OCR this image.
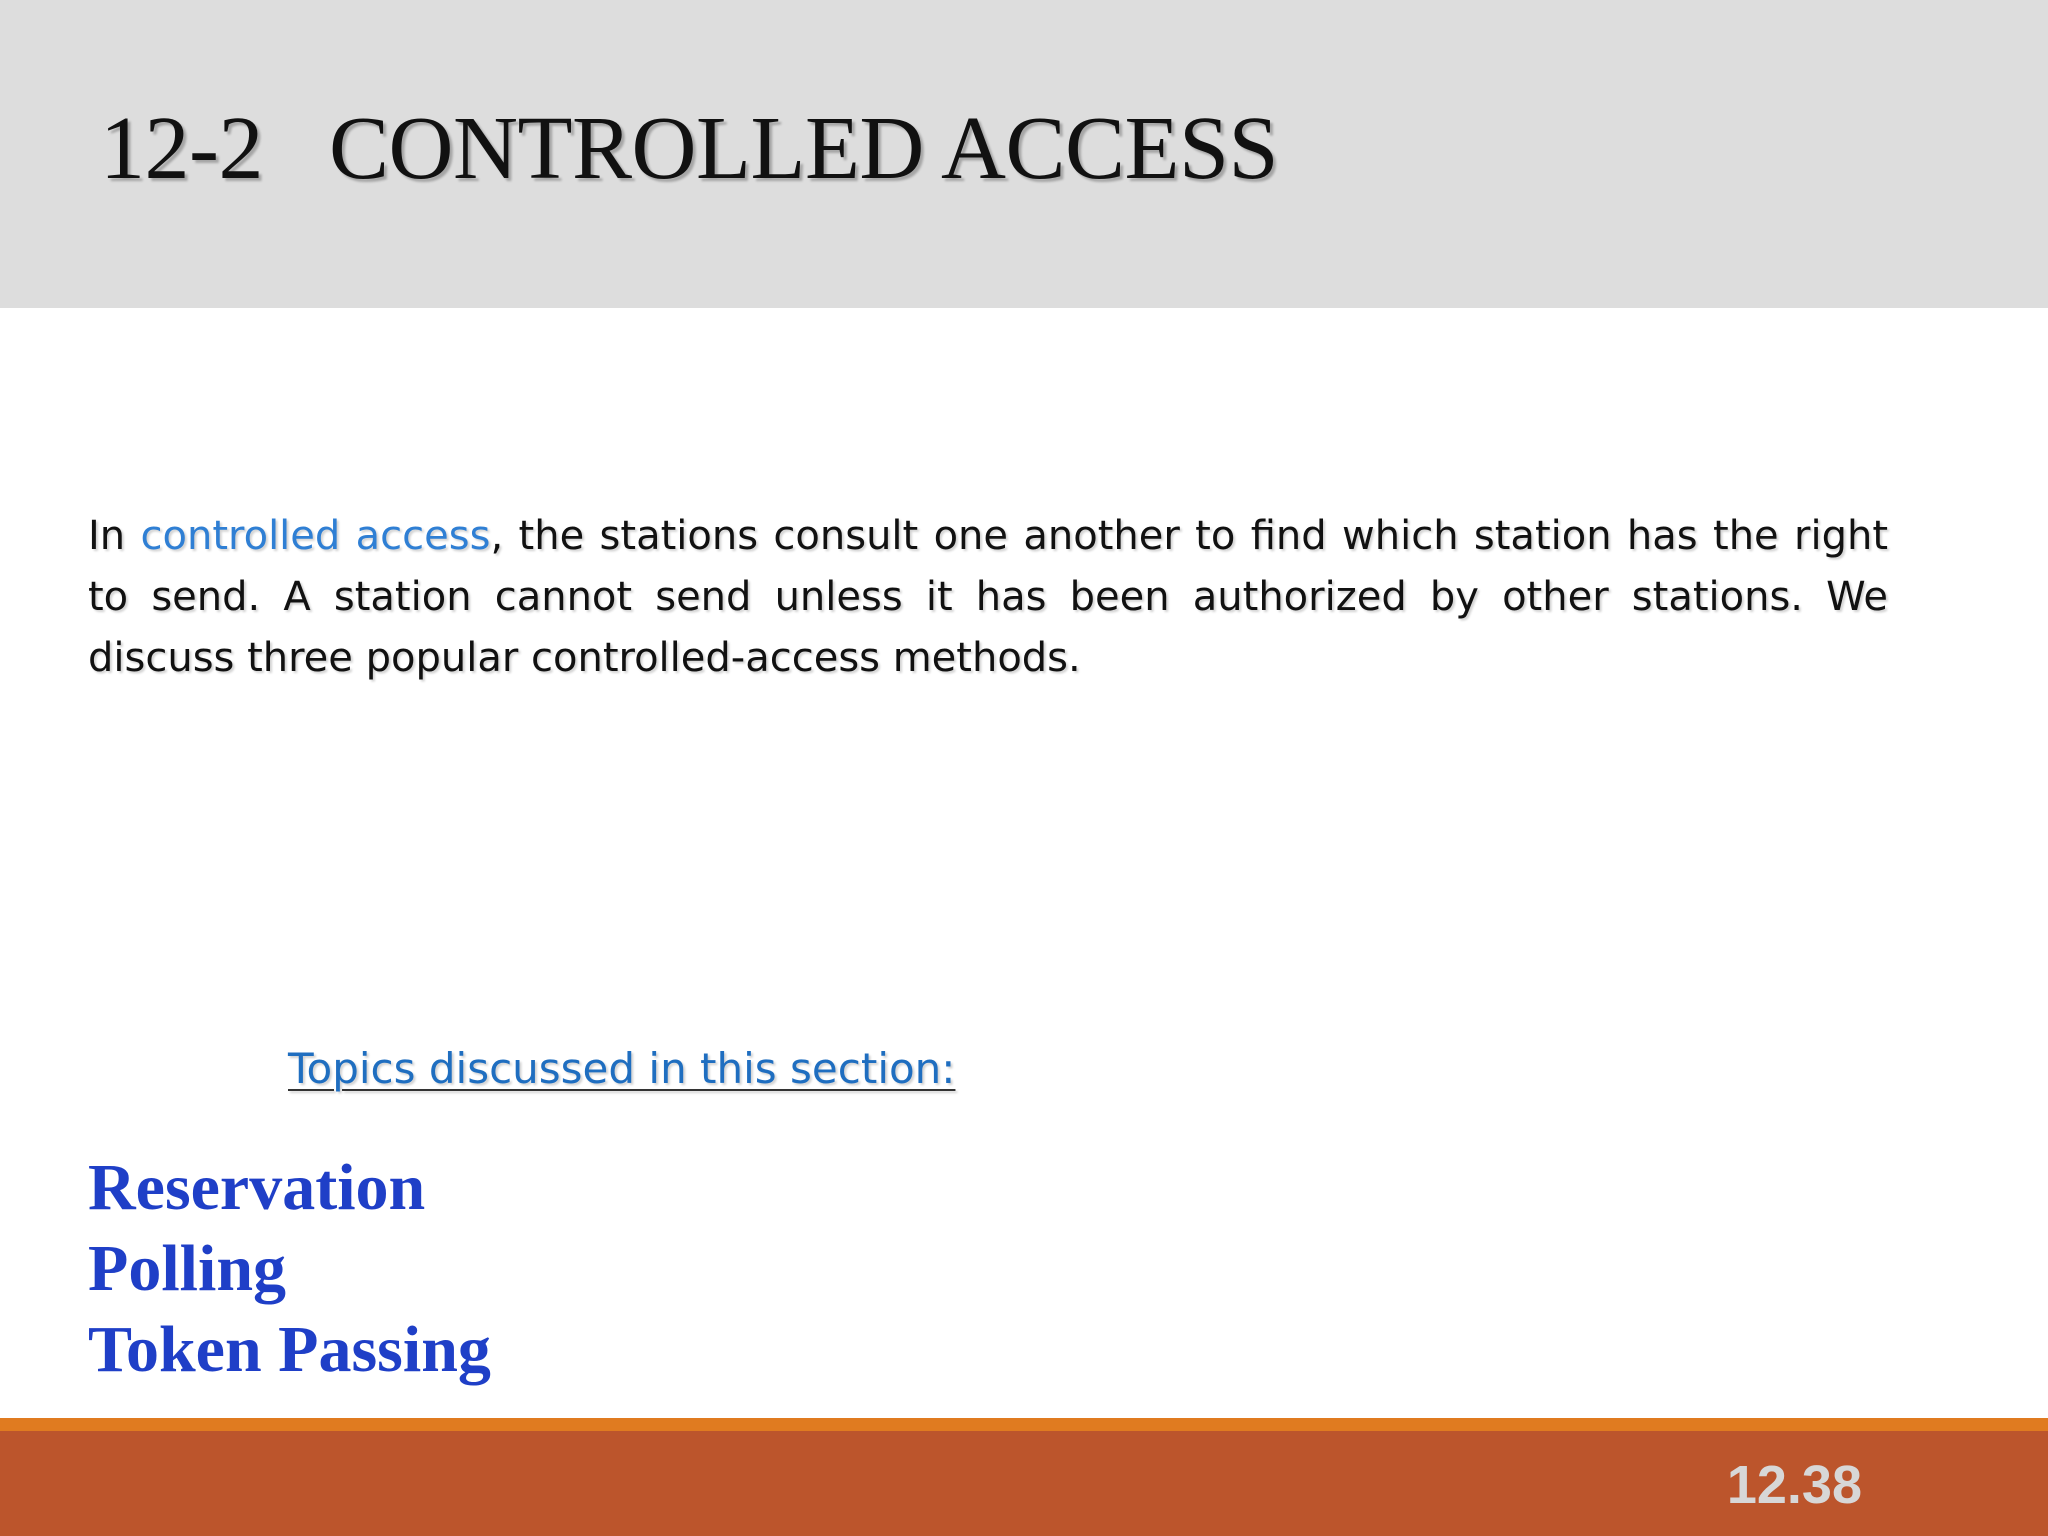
12-2   CONTROLLED ACCESS

In controlled access, the stations consult one another to find which station has the right to send. A station cannot send unless it has been authorized by other stations. We discuss three popular controlled-access methods.

Topics discussed in this section:
Reservation
Polling
Token Passing
12.38
